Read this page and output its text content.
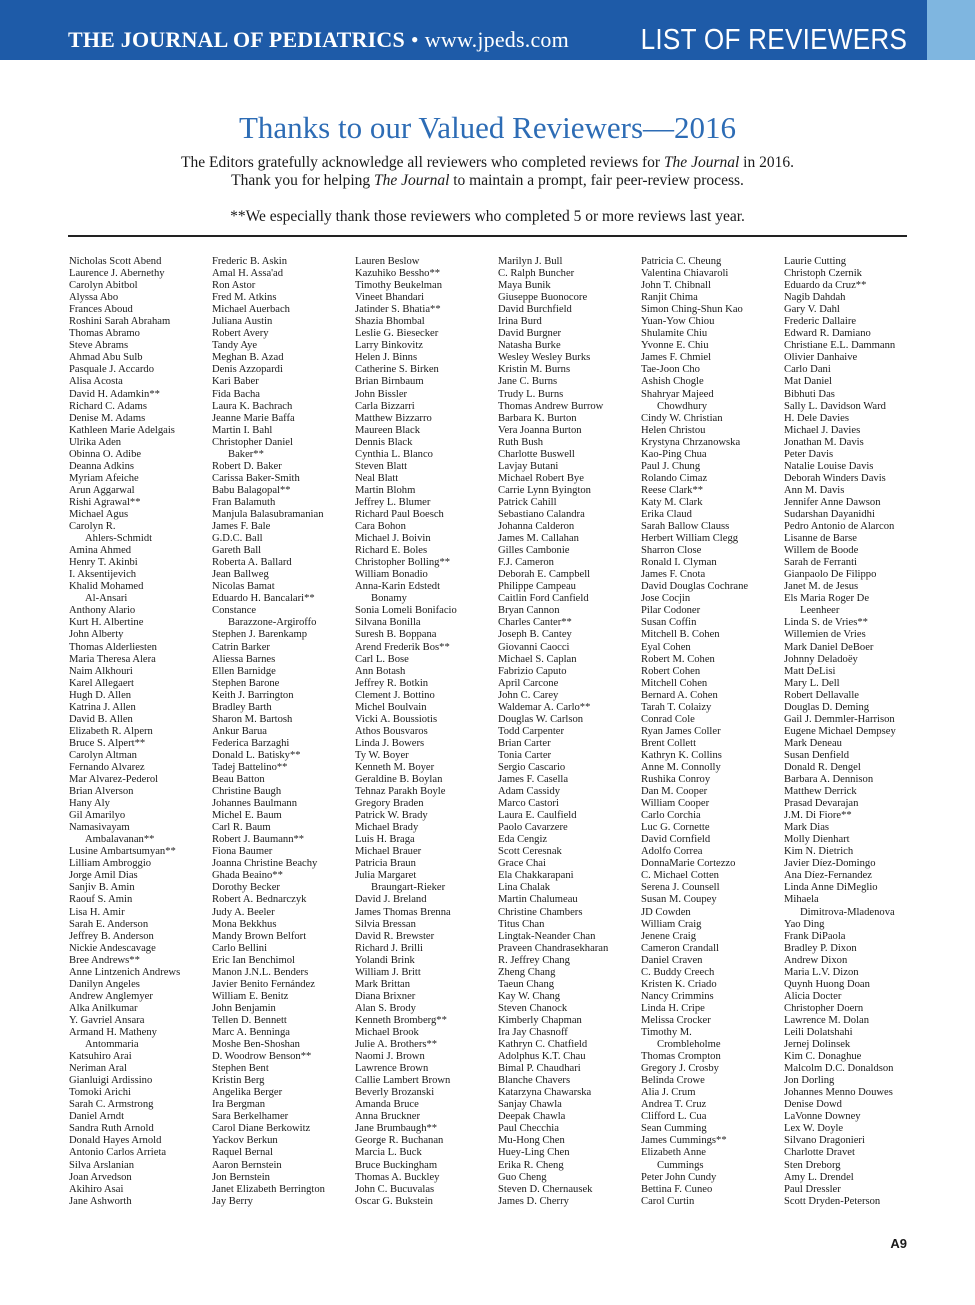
THE JOURNAL OF PEDIATRICS • www.jpeds.com LIST OF REVIEWERS
Thanks to our Valued Reviewers—2016
The Editors gratefully acknowledge all reviewers who completed reviews for The Journal in 2016.
Thank you for helping The Journal to maintain a prompt, fair peer-review process.
**We especially thank those reviewers who completed 5 or more reviews last year.
Nicholas Scott Abend
Laurence J. Abernethy
Carolyn Abitbol
Alyssa Abo
Frances Aboud
Roshini Sarah Abraham
Thomas Abramo
Steve Abrams
Ahmad Abu Sulb
Pasquale J. Accardo
Alisa Acosta
David H. Adamkin**
Richard C. Adams
Denise M. Adams
Kathleen Marie Adelgais
Ulrika Aden
Obinna O. Adibe
Deanna Adkins
Myriam Afeiche
Arun Aggarwal
Rishi Agrawal**
Michael Agus
Carolyn R.
Ahlers-Schmidt
Amina Ahmed
Henry T. Akinbi
I. Aksentijevich
Khalid Mohamed
Al-Ansari
Anthony Alario
Kurt H. Albertine
John Alberty
Thomas Alderliesten
Maria Theresa Alera
Naim Alkhouri
Karel Allegaert
Hugh D. Allen
Katrina J. Allen
David B. Allen
Elizabeth R. Alpern
Bruce S. Alpert**
Carolyn Altman
Fernando Alvarez
Mar Alvarez-Pederol
Brian Alverson
Hany Aly
Gil Amarilyo
Namasivayam
Ambalavanan**
Lusine Ambartsumyan**
Lilliam Ambroggio
Jorge Amil Dias
Sanjiv B. Amin
Raouf S. Amin
Lisa H. Amir
Sarah E. Anderson
Jeffrey B. Anderson
Nickie Andescavage
Bree Andrews**
Anne Lintzenich Andrews
Danilyn Angeles
Andrew Anglemyer
Alka Anilkumar
Y. Gavriel Ansara
Armand H. Matheny
Antommaria
Katsuhiro Arai
Neriman Aral
Gianluigi Ardissino
Tomoki Arichi
Sarah C. Armstrong
Daniel Arndt
Sandra Ruth Arnold
Donald Hayes Arnold
Antonio Carlos Arrieta
Silva Arslanian
Joan Arvedson
Akihiro Asai
Jane Ashworth
Frederic B. Askin
Amal H. Assa'ad
Ron Astor
Fred M. Atkins
Michael Auerbach
Juliana Austin
Robert Avery
Tandy Aye
Meghan B. Azad
Denis Azzopardi
Kari Baber
Fida Bacha
Laura K. Bachrach
Jeanne Marie Baffa
Martin I. Bahl
Christopher Daniel
Baker**
Robert D. Baker
Carissa Baker-Smith
Babu Balagopal**
Fran Balamuth
Manjula Balasubramanian
James F. Bale
G.D.C. Ball
Gareth Ball
Roberta A. Ballard
Jean Ballweg
Nicolas Bamat
Eduardo H. Bancalari**
Constance
Barazzone-Argiroffo
Stephen J. Barenkamp
Catrin Barker
Aliessa Barnes
Ellen Barnidge
Stephen Barone
Keith J. Barrington
Bradley Barth
Sharon M. Bartosh
Ankur Barua
Federica Barzaghi
Donald L. Batisky**
Tadej Battelino**
Beau Batton
Christine Baugh
Johannes Baulmann
Michel E. Baum
Carl R. Baum
Robert J. Baumann**
Fiona Baumer
Joanna Christine Beachy
Ghada Beaino**
Dorothy Becker
Robert A. Bednarczyk
Judy A. Beeler
Mona Bekkhus
Mandy Brown Belfort
Carlo Bellini
Eric Ian Benchimol
Manon J.N.L. Benders
Javier Benito Fernández
William E. Benitz
John Benjamin
Tellen D. Bennett
Marc A. Benninga
Moshe Ben-Shoshan
D. Woodrow Benson**
Stephen Bent
Kristin Berg
Angelika Berger
Ira Bergman
Sara Berkelhamer
Carol Diane Berkowitz
Yackov Berkun
Raquel Bernal
Aaron Bernstein
Jon Bernstein
Janet Elizabeth Berrington
Jay Berry
Lauren Beslow
Kazuhiko Bessho**
Timothy Beukelman
Vineet Bhandari
Jatinder S. Bhatia**
Shazia Bhombal
Leslie G. Biesecker
Larry Binkovitz
Helen J. Binns
Catherine S. Birken
Brian Birnbaum
John Bissler
Carla Bizzarri
Matthew Bizzarro
Maureen Black
Dennis Black
Cynthia L. Blanco
Steven Blatt
Neal Blatt
Martin Blohm
Jeffrey L. Blumer
Richard Paul Boesch
Cara Bohon
Michael J. Boivin
Richard E. Boles
Christopher Bolling**
William Bonadio
Anna-Karin Edstedt
Bonamy
Sonia Lomeli Bonifacio
Silvana Bonilla
Suresh B. Boppana
Arend Frederik Bos**
Carl L. Bose
Ann Botash
Jeffrey R. Botkin
Clement J. Bottino
Michel Boulvain
Vicki A. Boussiotis
Athos Bousvaros
Linda J. Bowers
Ty W. Boyer
Kenneth M. Boyer
Geraldine B. Boylan
Tehnaz Parakh Boyle
Gregory Braden
Patrick W. Brady
Michael Brady
Luis H. Braga
Michael Brauer
Patricia Braun
Julia Margaret
Braungart-Rieker
David J. Breland
James Thomas Brenna
Silvia Bressan
David R. Brewster
Richard J. Brilli
Yolandi Brink
William J. Britt
Mark Brittan
Diana Brixner
Alan S. Brody
Kenneth Bromberg**
Michael Brook
Julie A. Brothers**
Naomi J. Brown
Lawrence Brown
Callie Lambert Brown
Beverly Brozanski
Amanda Bruce
Anna Bruckner
Jane Brumbaugh**
George R. Buchanan
Marcia L. Buck
Bruce Buckingham
Thomas A. Buckley
John C. Bucuvalas
Oscar G. Bukstein
Marilyn J. Bull
C. Ralph Buncher
Maya Bunik
Giuseppe Buonocore
David Burchfield
Irina Burd
David Burgner
Natasha Burke
Wesley Wesley Burks
Kristin M. Burns
Jane C. Burns
Trudy L. Burns
Thomas Andrew Burrow
Barbara K. Burton
Vera Joanna Burton
Ruth Bush
Charlotte Buswell
Lavjay Butani
Michael Robert Bye
Carrie Lynn Byington
Patrick Cahill
Sebastiano Calandra
Johanna Calderon
James M. Callahan
Gilles Cambonie
F.J. Cameron
Deborah E. Campbell
Philippe Campeau
Caitlin Ford Canfield
Bryan Cannon
Charles Canter**
Joseph B. Cantey
Giovanni Caocci
Michael S. Caplan
Fabrizio Caputo
April Carcone
John C. Carey
Waldemar A. Carlo**
Douglas W. Carlson
Todd Carpenter
Brian Carter
Tonia Carter
Sergio Cascario
James F. Casella
Adam Cassidy
Marco Castori
Laura E. Caulfield
Paolo Cavarzere
Eda Cengiz
Scott Ceresnak
Grace Chai
Ela Chakkarapani
Lina Chalak
Martin Chalumeau
Christine Chambers
Titus Chan
Lingtak-Neander Chan
Praveen Chandrasekharan
R. Jeffrey Chang
Zheng Chang
Taeun Chang
Kay W. Chang
Steven Chanock
Kimberly Chapman
Ira Jay Chasnoff
Kathryn C. Chatfield
Adolphus K.T. Chau
Bimal P. Chaudhari
Blanche Chavers
Katarzyna Chawarska
Sanjay Chawla
Deepak Chawla
Paul Checchia
Mu-Hong Chen
Huey-Ling Chen
Erika R. Cheng
Guo Cheng
Steven D. Chernausek
James D. Cherry
Patricia C. Cheung
Valentina Chiavaroli
John T. Chibnall
Ranjit Chima
Simon Ching-Shun Kao
Yuan-Yow Chiou
Shulamite Chiu
Yvonne E. Chiu
James F. Chmiel
Tae-Joon Cho
Ashish Chogle
Shahryar Majeed
Chowdhury
Cindy W. Christian
Helen Christou
Krystyna Chrzanowska
Kao-Ping Chua
Paul J. Chung
Rolando Cimaz
Reese Clark**
Katy M. Clark
Erika Claud
Sarah Ballow Clauss
Herbert William Clegg
Sharron Close
Ronald I. Clyman
James F. Cnota
David Douglas Cochrane
Jose Cocjin
Pilar Codoner
Susan Coffin
Mitchell B. Cohen
Eyal Cohen
Robert M. Cohen
Robert Cohen
Mitchell Cohen
Bernard A. Cohen
Tarah T. Colaizy
Conrad Cole
Ryan James Coller
Brent Collett
Kathryn K. Collins
Anne M. Connolly
Rushika Conroy
Dan M. Cooper
William Cooper
Carlo Corchia
Luc G. Cornette
David Cornfield
Adolfo Correa
DonnaMarie Cortezzo
C. Michael Cotten
Serena J. Counsell
Susan M. Coupey
JD Cowden
William Craig
Jenene Craig
Cameron Crandall
Daniel Craven
C. Buddy Creech
Kristen K. Criado
Nancy Crimmins
Linda H. Cripe
Melissa Crocker
Timothy M.
Crombleholme
Thomas Crompton
Gregory J. Crosby
Belinda Crowe
Alia J. Crum
Andrea T. Cruz
Clifford L. Cua
Sean Cumming
James Cummings**
Elizabeth Anne
Cummings
Peter John Cundy
Bettina F. Cuneo
Carol Curtin
Laurie Cutting
Christoph Czernik
Eduardo da Cruz**
Nagib Dahdah
Gary V. Dahl
Frederic Dallaire
Edward R. Damiano
Christiane E.L. Dammann
Olivier Danhaive
Carlo Dani
Mat Daniel
Bibhuti Das
Sally L. Davidson Ward
H. Dele Davies
Michael J. Davies
Jonathan M. Davis
Peter Davis
Natalie Louise Davis
Deborah Winders Davis
Ann M. Davis
Jennifer Anne Dawson
Sudarshan Dayanidhi
Pedro Antonio de Alarcon
Lisanne de Barse
Willem de Boode
Sarah de Ferranti
Gianpaolo De Filippo
Janet M. de Jesus
Els Maria Roger De
Leenheer
Linda S. de Vries**
Willemien de Vries
Mark Daniel DeBoer
Johnny Deladoëy
Matt DeLisi
Mary L. Dell
Robert Dellavalle
Douglas D. Deming
Gail J. Demmler-Harrison
Eugene Michael Dempsey
Mark Deneau
Susan Denfield
Donald R. Dengel
Barbara A. Dennison
Matthew Derrick
Prasad Devarajan
J.M. Di Fiore**
Mark Dias
Molly Dienhart
Kim N. Dietrich
Javier Díez-Domingo
Ana Díez-Fernandez
Linda Anne DiMeglio
Mihaela
Dimitrova-Mladenova
Yao Ding
Frank DiPaola
Bradley P. Dixon
Andrew Dixon
Maria L.V. Dizon
Quynh Huong Doan
Alicia Docter
Christopher Doern
Lawrence M. Dolan
Leili Dolatshahi
Jernej Dolinsek
Kim C. Donaghue
Malcolm D.C. Donaldson
Jon Dorling
Johannes Menno Douwes
Denise Dowd
LaVonne Downey
Lex W. Doyle
Silvano Dragonieri
Charlotte Dravet
Sten Dreborg
Amy L. Drendel
Paul Dressler
Scott Dryden-Peterson
A9
